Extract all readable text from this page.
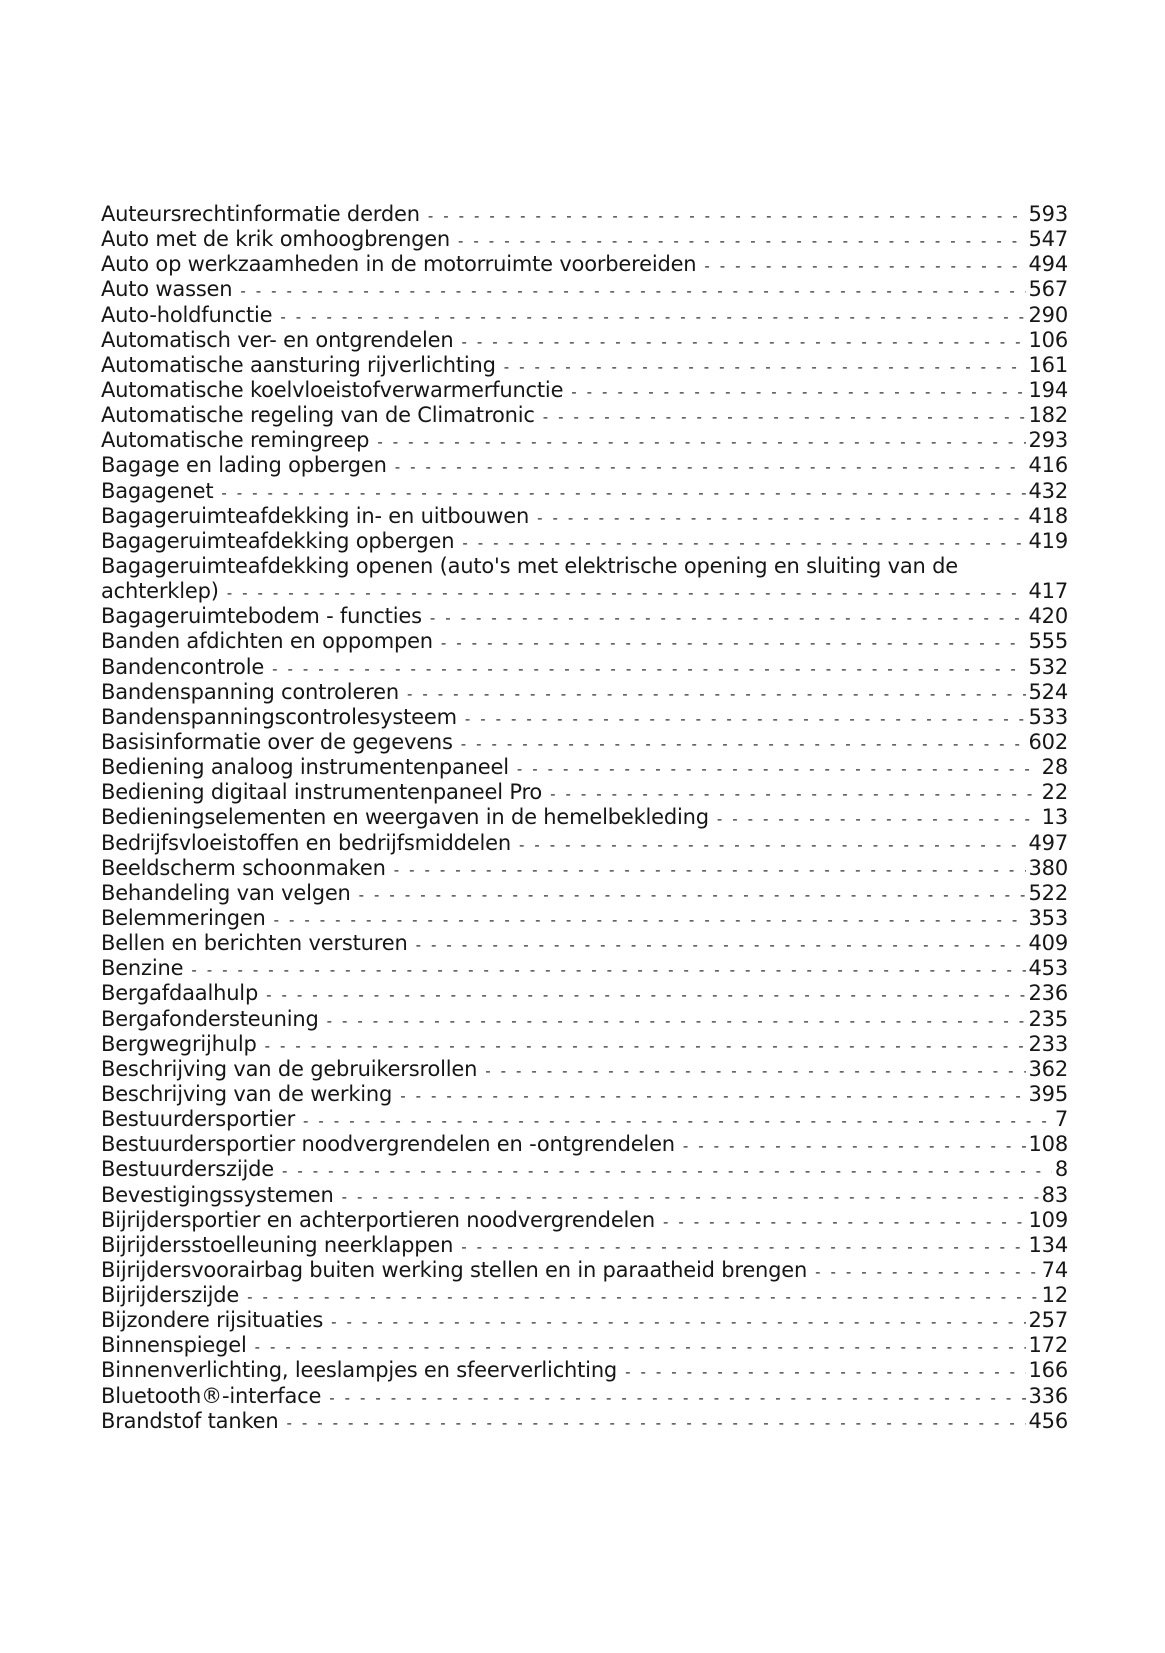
Auteursrechtinformatie derden - - -	593
Auto met de krik omhoogbrengen - - -	547
Auto op werkzaamheden in de motorruimte voorbereiden - - -	494
Auto wassen - - -	567
Auto-holdfunctie - - -	290
Automatisch ver- en ontgrendelen - - -	106
Automatische aansturing rijverlichting - - -	161
Automatische koelvloeistofverwarmerfunctie - - -	194
Automatische regeling van de Climatronic - - -	182
Automatische remingreep - - -	293
Bagage en lading opbergen - - -	416
Bagagenet - - -	432
Bagageruimteafdekking in- en uitbouwen - - -	418
Bagageruimteafdekking opbergen - - -	419
Bagageruimteafdekking openen (auto's met elektrische opening en sluiting van de
achterklep) - - -	417
Bagageruimtebodem - functies - - -	420
Banden afdichten en oppompen - - -	555
Bandencontrole - - -	532
Bandenspanning controleren - - -	524
Bandenspanningscontrolesysteem - - -	533
Basisinformatie over de gegevens - - -	602
Bediening analoog instrumentenpaneel - - -	28
Bediening digitaal instrumentenpaneel Pro - - -	22
Bedieningselementen en weergaven in de hemelbekleding - - -	13
Bedrijfsvloeistoffen en bedrijfsmiddelen - - -	497
Beeldscherm schoonmaken - - -	380
Behandeling van velgen - - -	522
Belemmeringen - - -	353
Bellen en berichten versturen - - -	409
Benzine - - -	453
Bergafdaalhulp - - -	236
Bergafondersteuning - - -	235
Bergwegrijhulp - - -	233
Beschrijving van de gebruikersrollen - - -	362
Beschrijving van de werking - - -	395
Bestuurdersportier - - -	7
Bestuurdersportier noodvergrendelen en -ontgrendelen - - -	108
Bestuurderszijde - - -	8
Bevestigingssystemen - - -	83
Bijrijdersportier en achterportieren noodvergrendelen - - -	109
Bijrijdersstoelleuning neerklappen - - -	134
Bijrijdersvoorairbag buiten werking stellen en in paraatheid brengen - - -	74
Bijrijderszijde - - -	12
Bijzondere rijsituaties - - -	257
Binnenspiegel - - -	172
Binnenverlichting, leeslampjes en sfeerverlichting - - -	166
Bluetooth®-interface - - -	336
Brandstof tanken - - -	456
